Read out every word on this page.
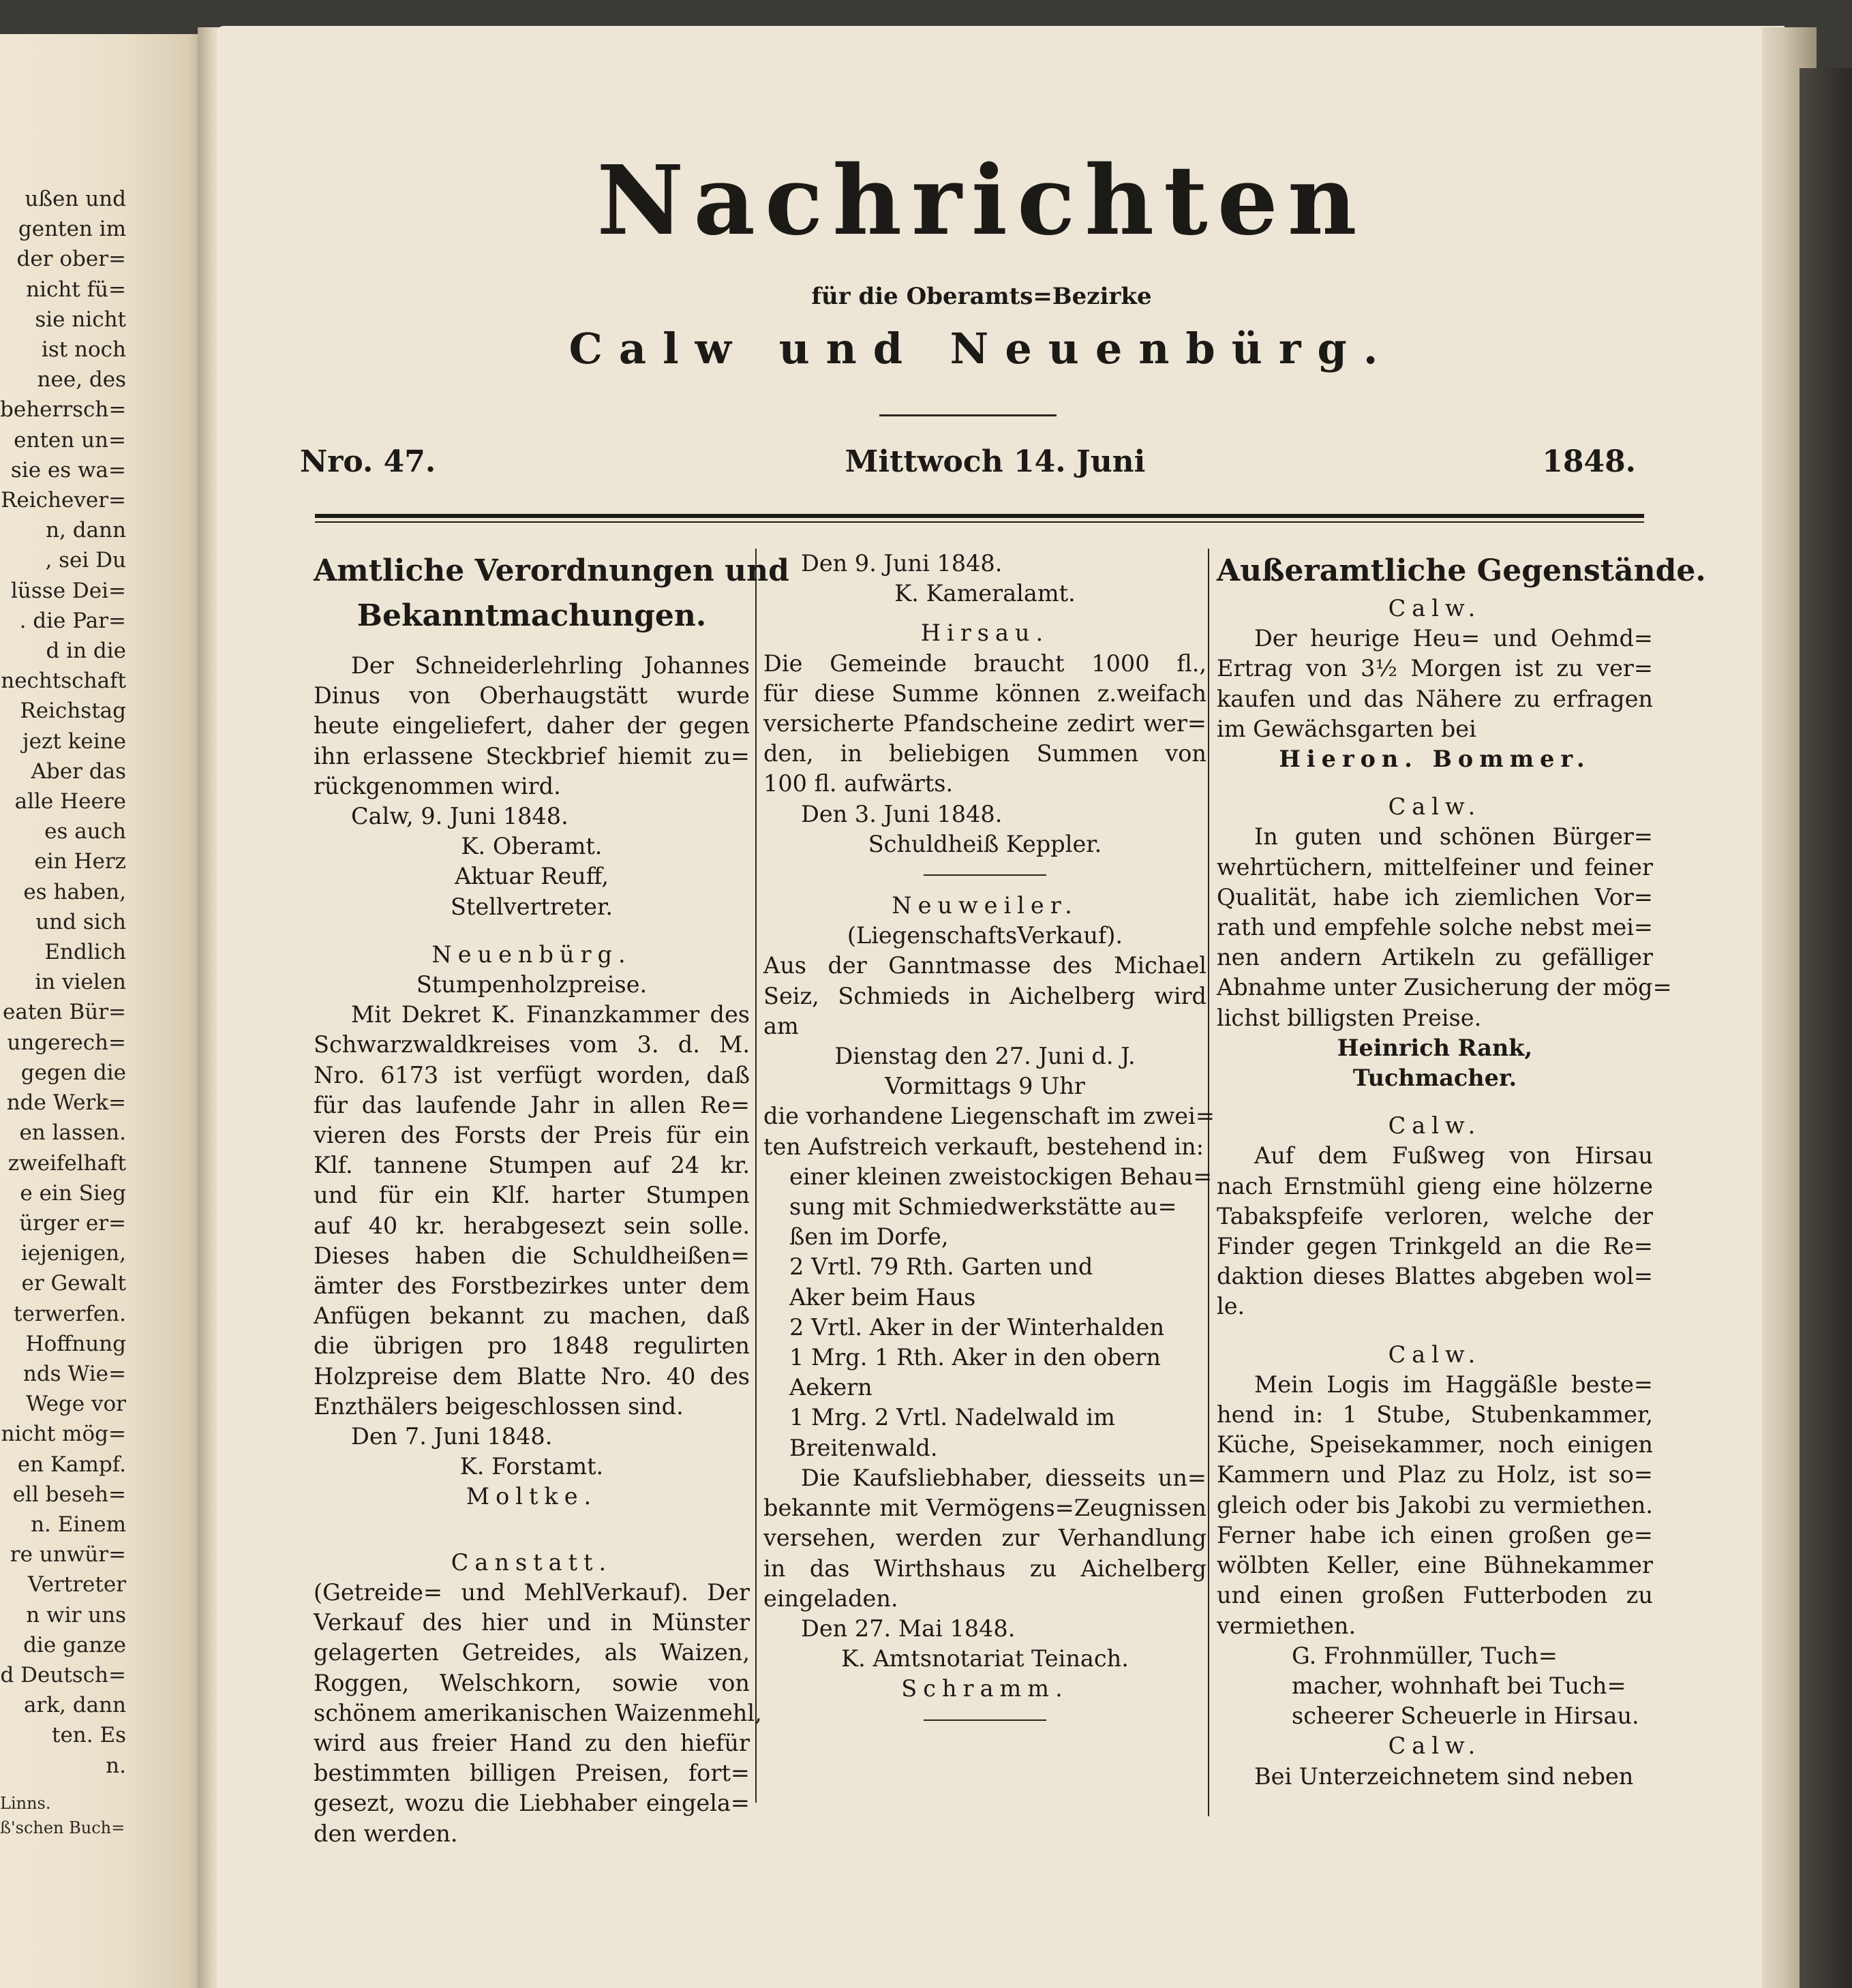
ußen und
genten im
der ober=
nicht fü=
sie nicht
ist noch
nee, des
beherrsch=
enten un=
sie es wa=
Reichever=
n, dann
, sei Du
lüsse Dei=
. die Par=
d in die
nechtschaft
Reichstag
jezt keine
Aber das
alle Heere
es auch
ein Herz
es haben,
und sich
Endlich
in vielen
eaten Bür=
ungerech=
gegen die
nde Werk=
en lassen.
zweifelhaft
e ein Sieg
ürger er=
iejenigen,
er Gewalt
terwerfen.
Hoffnung
nds Wie=
Wege vor
nicht mög=
en Kampf.
ell beseh=
n. Einem
re unwür=
Vertreter
n wir uns
die ganze
d Deutsch=
ark, dann
ten. Es
n.
Linns.
ß'schen Buch=
Nachrichten
für die Oberamts=Bezirke
Calw und Neuenbürg.
Nro. 47.	Mittwoch 14. Juni	1848.
Amtliche Verordnungen und
Bekanntmachungen.
Der Schneiderlehrling Johannes
Dinus von Oberhaugstätt wurde
heute eingeliefert, daher der gegen
ihn erlassene Steckbrief hiemit zu=
rückgenommen wird.
Calw, 9. Juni 1848.
K. Oberamt.
Aktuar Reuff,
Stellvertreter.
Neuenbürg.
Stumpenholzpreise.
Mit Dekret K. Finanzkammer des
Schwarzwaldkreises vom 3. d. M.
Nro. 6173 ist verfügt worden, daß
für das laufende Jahr in allen Re=
vieren des Forsts der Preis für ein
Klf. tannene Stumpen auf 24 kr.
und für ein Klf. harter Stumpen
auf 40 kr. herabgesezt sein solle.
Dieses haben die Schuldheißen=
ämter des Forstbezirkes unter dem
Anfügen bekannt zu machen, daß
die übrigen pro 1848 regulirten
Holzpreise dem Blatte Nro. 40 des
Enzthälers beigeschlossen sind.
Den 7. Juni 1848.
K. Forstamt.
Moltke.
Canstatt.
(Getreide= und MehlVerkauf). Der
Verkauf des hier und in Münster
gelagerten Getreides, als Waizen,
Roggen, Welschkorn, sowie von
schönem amerikanischen Waizenmehl,
wird aus freier Hand zu den hiefür
bestimmten billigen Preisen, fort=
gesezt, wozu die Liebhaber eingela=
den werden.
Den 9. Juni 1848.
K. Kameralamt.
Hirsau.
Die Gemeinde braucht 1000 fl.,
für diese Summe können z.weifach
versicherte Pfandscheine zedirt wer=
den, in beliebigen Summen von
100 fl. aufwärts.
Den 3. Juni 1848.
Schuldheiß Keppler.
Neuweiler.
(LiegenschaftsVerkauf).
Aus der Ganntmasse des Michael
Seiz, Schmieds in Aichelberg wird
am
Dienstag den 27. Juni d. J.
Vormittags 9 Uhr
die vorhandene Liegenschaft im zwei=
ten Aufstreich verkauft, bestehend in:
einer kleinen zweistockigen Behau=
sung mit Schmiedwerkstätte au=
ßen im Dorfe,
2 Vrtl. 79 Rth. Garten und
Aker beim Haus
2 Vrtl. Aker in der Winterhalden
1 Mrg. 1 Rth. Aker in den obern
Aekern
1 Mrg. 2 Vrtl. Nadelwald im
Breitenwald.
Die Kaufsliebhaber, diesseits un=
bekannte mit Vermögens=Zeugnissen
versehen, werden zur Verhandlung
in das Wirthshaus zu Aichelberg
eingeladen.
Den 27. Mai 1848.
K. Amtsnotariat Teinach.
Schramm.
Außeramtliche Gegenstände.
Calw.
Der heurige Heu= und Oehmd=
Ertrag von 3½ Morgen ist zu ver=
kaufen und das Nähere zu erfragen
im Gewächsgarten bei
Hieron. Bommer.
Calw.
In guten und schönen Bürger=
wehrtüchern, mittelfeiner und feiner
Qualität, habe ich ziemlichen Vor=
rath und empfehle solche nebst mei=
nen andern Artikeln zu gefälliger
Abnahme unter Zusicherung der mög=
lichst billigsten Preise.
Heinrich Rank,
Tuchmacher.
Calw.
Auf dem Fußweg von Hirsau
nach Ernstmühl gieng eine hölzerne
Tabakspfeife verloren, welche der
Finder gegen Trinkgeld an die Re=
daktion dieses Blattes abgeben wol=
le.
Calw.
Mein Logis im Haggäßle beste=
hend in: 1 Stube, Stubenkammer,
Küche, Speisekammer, noch einigen
Kammern und Plaz zu Holz, ist so=
gleich oder bis Jakobi zu vermiethen.
Ferner habe ich einen großen ge=
wölbten Keller, eine Bühnekammer
und einen großen Futterboden zu
vermiethen.
G. Frohnmüller, Tuch=
macher, wohnhaft bei Tuch=
scheerer Scheuerle in Hirsau.
Calw.
Bei Unterzeichnetem sind neben
